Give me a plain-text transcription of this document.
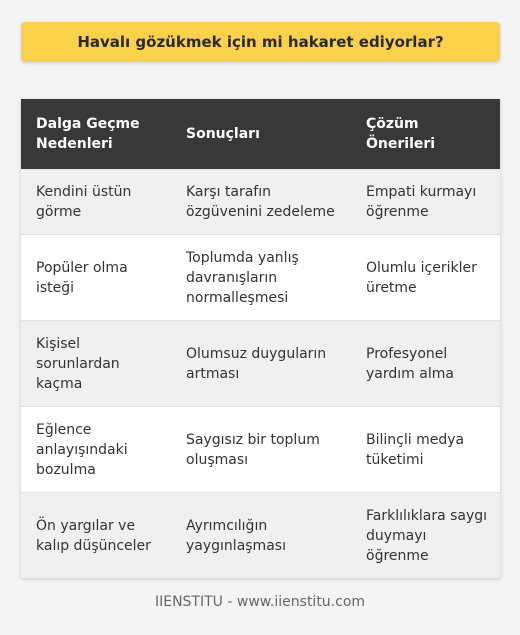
Havalı gözükmek için mi hakaret ediyorlar?
Dalga Geçme Nedenleri
Sonuçları
Çözüm Önerileri
Kendini üstün görme
Karşı tarafın özgüvenini zedeleme
Empati kurmayı öğrenme
Popüler olma isteği
Toplumda yanlış davranışların normalleşmesi
Olumlu içerikler üretme
Kişisel sorunlardan kaçma
Olumsuz duyguların artması
Profesyonel yardım alma
Eğlence anlayışındaki bozulma
Saygısız bir toplum oluşması
Bilinçli medya tüketimi
Ön yargılar ve kalıp düşünceler
Ayrımcılığın yaygınlaşması
Farklılıklara saygı duymayı öğrenme
IIENSTITU - www.iienstitu.com
